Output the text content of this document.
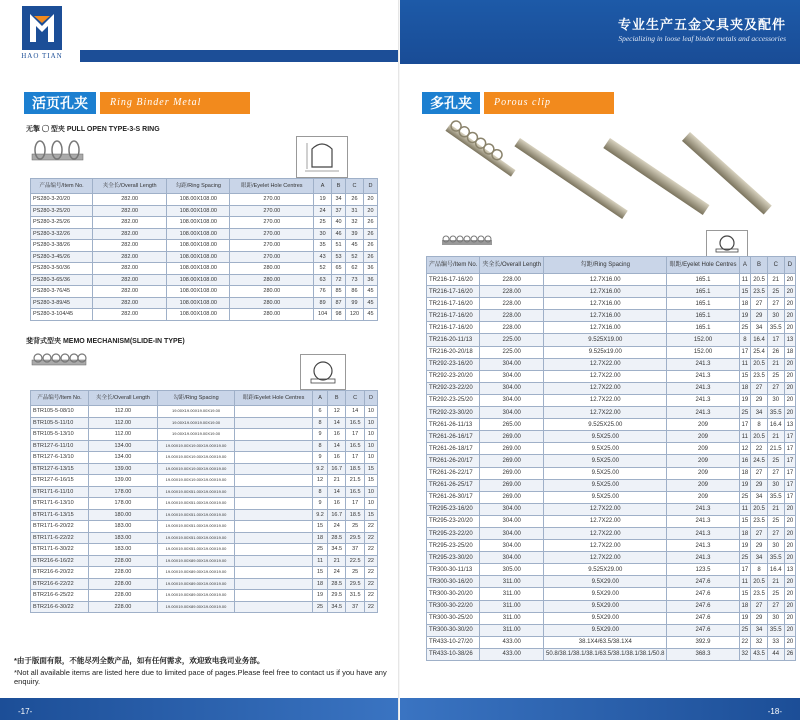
HAO TIAN
活页孔夹	Ring Binder Metal
无掣 ◯ 型夹 PULL OPEN TYPE-3-S RING
产品编号/Item No.	夹全长/Overall Length	勾距/Ring Spacing	眼距/Eyelet Hole Centres	A	B	C	D
PS280-3-20/20	282.00	108.00X108.00	270.00	19	34	26	20
PS280-3-25/20	282.00	108.00X108.00	270.00	24	37	31	20
PS280-3-25/26	282.00	108.00X108.00	270.00	25	40	32	26
PS280-3-32/26	282.00	108.00X108.00	270.00	30	46	39	26
PS280-3-38/26	282.00	108.00X108.00	270.00	35	51	45	26
PS280-3-45/26	282.00	108.00X108.00	270.00	43	53	52	26
PS280-3-50/36	282.00	108.00X108.00	280.00	52	65	62	36
PS280-3-65/36	282.00	108.00X108.00	280.00	63	72	73	36
PS280-3-76/45	282.00	108.00X108.00	280.00	76	85	86	45
PS280-3-89/45	282.00	108.00X108.00	280.00	89	87	99	45
PS280-3-104/45	282.00	108.00X108.00	280.00	104	98	120	45
斐背式型夹 MEMO MECHANISM(SLIDE-IN TYPE)
产品编号/Item No.	夹全长/Overall Length	勾距/Ring Spacing	眼距/Eyelet Hole Centres	A	B	C	D
BTR105-5-08/10	112.00	19.00X19.00X19.00X19.00		6	12	14	10
BTR105-5-11/10	112.00	19.00X19.00X19.00X19.00		8	14	16.5	10
BTR105-5-13/10	112.00	19.00X19.00X19.00X19.00		9	16	17	10
BTR127-6-11/10	134.00	19.00X19.00X19.00X19.00X19.00		8	14	16.5	10
BTR127-6-13/10	134.00	19.00X19.00X19.00X19.00X19.00		9	16	17	10
BTR127-6-13/15	139.00	19.00X19.00X19.00X19.00X19.00		9.2	16.7	18.5	15
BTR127-6-16/15	139.00	19.00X19.00X19.00X19.00X19.00		12	21	21.5	15
BTR171-6-11/10	178.00	19.00X19.00X51.00X19.00X19.00		8	14	16.5	10
BTR171-6-13/10	178.00	19.00X19.00X51.00X19.00X19.00		9	16	17	10
BTR171-6-13/15	180.00	19.00X19.00X51.00X19.00X19.00		9.2	16.7	18.5	15
BTR171-6-20/22	183.00	19.00X19.00X51.00X19.00X19.00		15	24	25	22
BTR171-6-22/22	183.00	19.00X19.00X51.00X19.00X19.00		18	28.5	29.5	22
BTR171-6-30/22	183.00	19.00X19.00X51.00X19.00X19.00		25	34.5	37	22
BTR216-6-16/22	228.00	19.00X19.00X89.00X19.00X19.00		11	21	22.5	22
BTR216-6-20/22	228.00	19.00X19.00X89.00X19.00X19.00		15	24	25	22
BTR216-6-22/22	228.00	19.00X19.00X89.00X19.00X19.00		18	28.5	29.5	22
BTR216-6-25/22	228.00	19.00X19.00X89.00X19.00X19.00		19	29.5	31.5	22
BTR216-6-30/22	228.00	19.00X19.00X89.00X19.00X19.00		25	34.5	37	22
*由于版面有限，不能尽列全数产品，如有任何需求，欢迎致电我司业务部。
*Not all available items are listed here due to limited pace of pages.Please feel free to contact us if you have any enquiry.
-17-
专业生产五金文具夹及配件
Specializing in loose leaf binder metals and accessories
多孔夹	Porous clip
产品编号/Item No.	夹全长/Overall Length	勾距/Ring Spacing	眼距/Eyelet Hole Centres	A	B	C	D
TR216-17-16/20	228.00	12.7X16.00	165.1	11	20.5	21	20
TR216-17-16/20	228.00	12.7X16.00	165.1	15	23.5	25	20
TR216-17-16/20	228.00	12.7X16.00	165.1	18	27	27	20
TR216-17-16/20	228.00	12.7X16.00	165.1	19	29	30	20
TR216-17-16/20	228.00	12.7X16.00	165.1	25	34	35.5	20
TR216-20-11/13	225.00	9.525X19.00	152.00	8	16.4	17	13
TR216-20-20/18	225.00	9.525x19.00	152.00	17	25.4	26	18
TR292-23-16/20	304.00	12.7X22.00	241.3	11	20.5	21	20
TR292-23-20/20	304.00	12.7X22.00	241.3	15	23.5	25	20
TR292-23-22/20	304.00	12.7X22.00	241.3	18	27	27	20
TR292-23-25/20	304.00	12.7X22.00	241.3	19	29	30	20
TR292-23-30/20	304.00	12.7X22.00	241.3	25	34	35.5	20
TR261-26-11/13	265.00	9.525X25.00	209	17	8	16.4	13
TR261-26-16/17	269.00	9.5X25.00	209	11	20.5	21	17
TR261-26-18/17	269.00	9.5X25.00	209	12	22	21.5	17
TR261-26-20/17	269.00	9.5X25.00	209	16	24.5	25	17
TR261-26-22/17	269.00	9.5X25.00	209	18	27	27	17
TR261-26-25/17	269.00	9.5X25.00	209	19	29	30	17
TR261-26-30/17	269.00	9.5X25.00	209	25	34	35.5	17
TR295-23-16/20	304.00	12.7X22.00	241.3	11	20.5	21	20
TR295-23-20/20	304.00	12.7X22.00	241.3	15	23.5	25	20
TR295-23-22/20	304.00	12.7X22.00	241.3	18	27	27	20
TR295-23-25/20	304.00	12.7X22.00	241.3	19	29	30	20
TR295-23-30/20	304.00	12.7X22.00	241.3	25	34	35.5	20
TR300-30-11/13	305.00	9.525X29.00	123.5	17	8	16.4	13
TR300-30-16/20	311.00	9.5X29.00	247.6	11	20.5	21	20
TR300-30-20/20	311.00	9.5X29.00	247.6	15	23.5	25	20
TR300-30-22/20	311.00	9.5X29.00	247.6	18	27	27	20
TR300-30-25/20	311.00	9.5X29.00	247.6	19	29	30	20
TR300-30-30/20	311.00	9.5X29.00	247.6	25	34	35.5	20
TR433-10-27/20	433.00	38.1X4/63.5/38.1X4	392.9	22	32	33	20
TR433-10-38/26	433.00	50.8/38.1/38.1/38.1/63.5/38.1/38.1/38.1/50.8	368.3	32	43.5	44	26
-18-
